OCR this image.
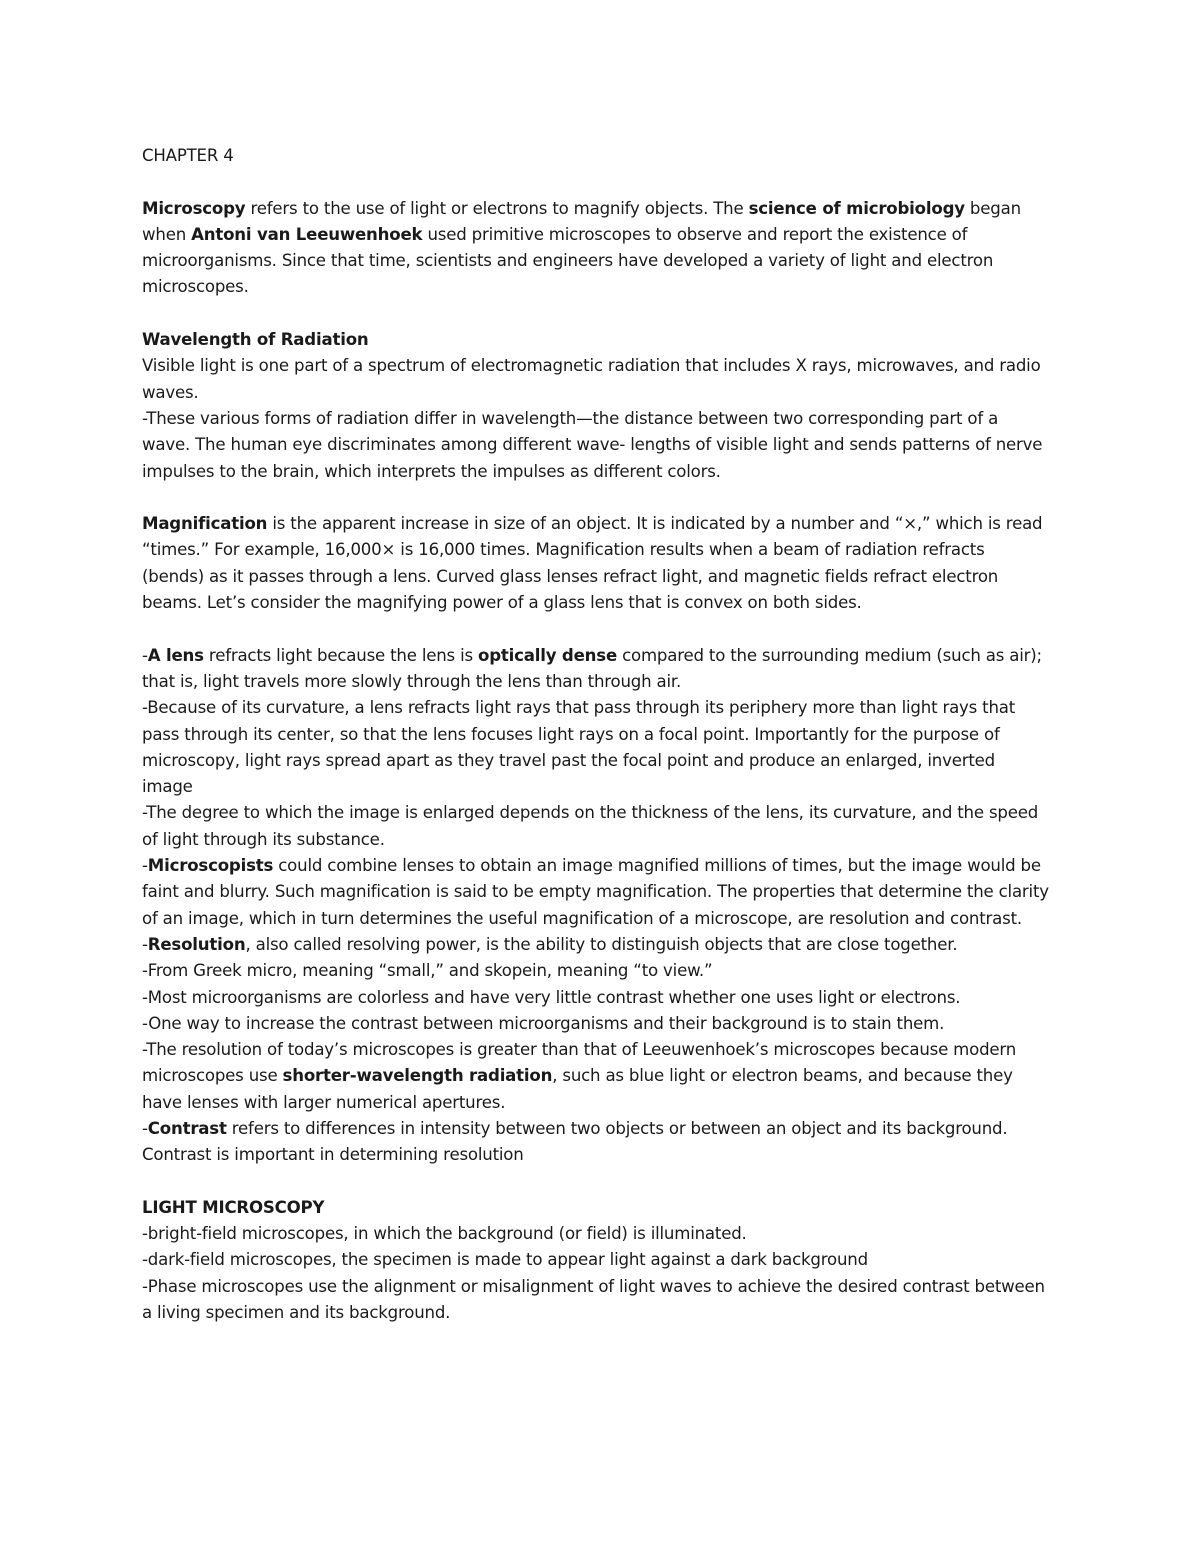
CHAPTER 4

Microscopy refers to the use of light or electrons to magnify objects. The science of microbiology began when Antoni van Leeuwenhoek used primitive microscopes to observe and report the existence of microorganisms. Since that time, scientists and engineers have developed a variety of light and electron microscopes.

Wavelength of Radiation

Visible light is one part of a spectrum of electromagnetic radiation that includes X rays, microwaves, and radio waves.

-These various forms of radiation differ in wavelength—the distance between two corresponding part of a wave. The human eye discriminates among different wave- lengths of visible light and sends patterns of nerve impulses to the brain, which interprets the impulses as different colors.

Magnification is the apparent increase in size of an object. It is indicated by a number and “×,” which is read “times.” For example, 16,000× is 16,000 times. Magnification results when a beam of radiation refracts (bends) as it passes through a lens. Curved glass lenses refract light, and magnetic fields refract electron beams. Let’s consider the magnifying power of a glass lens that is convex on both sides.

-A lens refracts light because the lens is optically dense compared to the surrounding medium (such as air); that is, light travels more slowly through the lens than through air.

-Because of its curvature, a lens refracts light rays that pass through its periphery more than light rays that pass through its center, so that the lens focuses light rays on a focal point. Importantly for the purpose of microscopy, light rays spread apart as they travel past the focal point and produce an enlarged, inverted image

-The degree to which the image is enlarged depends on the thickness of the lens, its curvature, and the speed of light through its substance.

-Microscopists could combine lenses to obtain an image magnified millions of times, but the image would be faint and blurry. Such magnification is said to be empty magnification. The properties that determine the clarity of an image, which in turn determines the useful magnification of a microscope, are resolution and contrast.

-Resolution, also called resolving power, is the ability to distinguish objects that are close together.

-From Greek micro, meaning “small,” and skopein, meaning “to view.”

-Most microorganisms are colorless and have very little contrast whether one uses light or electrons.

-One way to increase the contrast between microorganisms and their background is to stain them.

-The resolution of today’s microscopes is greater than that of Leeuwenhoek’s microscopes because modern microscopes use shorter-wavelength radiation, such as blue light or electron beams, and because they have lenses with larger numerical apertures.

-Contrast refers to differences in intensity between two objects or between an object and its background. Contrast is important in determining resolution

LIGHT MICROSCOPY

-bright-field microscopes, in which the background (or field) is illuminated.

-dark-field microscopes, the specimen is made to appear light against a dark background

-Phase microscopes use the alignment or misalignment of light waves to achieve the desired contrast between a living specimen and its background.
